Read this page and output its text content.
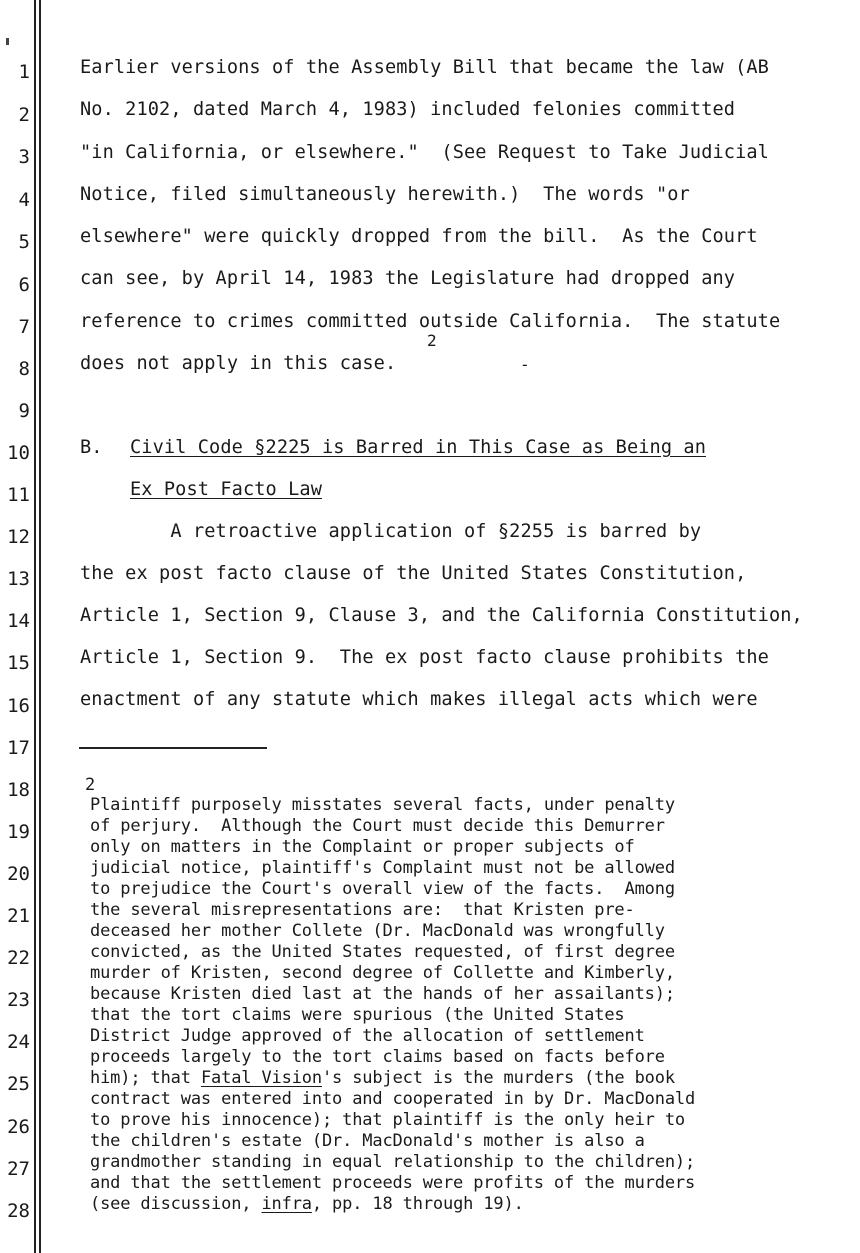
1
2
3
4
5
6
7
8
9
10
11
12
13
14
15
16
17
18
19
20
21
22
23
24
25
26
27
28
Earlier versions of the Assembly Bill that became the law (AB
No. 2102, dated March 4, 1983) included felonies committed
"in California, or elsewhere."  (See Request to Take Judicial
Notice, filed simultaneously herewith.)  The words "or
elsewhere" were quickly dropped from the bill.  As the Court
can see, by April 14, 1983 the Legislature had dropped any
reference to crimes committed outside California.  The statute
does not apply in this case.
2
-
B. Civil Code §2225 is Barred in This Case as Being an
Ex Post Facto Law
A retroactive application of §2255 is barred by
the ex post facto clause of the United States Constitution,
Article 1, Section 9, Clause 3, and the California Constitution,
Article 1, Section 9.  The ex post facto clause prohibits the
enactment of any statute which makes illegal acts which were
2
Plaintiff purposely misstates several facts, under penalty
of perjury.  Although the Court must decide this Demurrer
only on matters in the Complaint or proper subjects of
judicial notice, plaintiff's Complaint must not be allowed
to prejudice the Court's overall view of the facts.  Among
the several misrepresentations are:  that Kristen pre-
deceased her mother Collete (Dr. MacDonald was wrongfully
convicted, as the United States requested, of first degree
murder of Kristen, second degree of Collette and Kimberly,
because Kristen died last at the hands of her assailants);
that the tort claims were spurious (the United States
District Judge approved of the allocation of settlement
proceeds largely to the tort claims based on facts before
him); that Fatal Vision's subject is the murders (the book
contract was entered into and cooperated in by Dr. MacDonald
to prove his innocence); that plaintiff is the only heir to
the children's estate (Dr. MacDonald's mother is also a
grandmother standing in equal relationship to the children);
and that the settlement proceeds were profits of the murders
(see discussion, infra, pp. 18 through 19).
